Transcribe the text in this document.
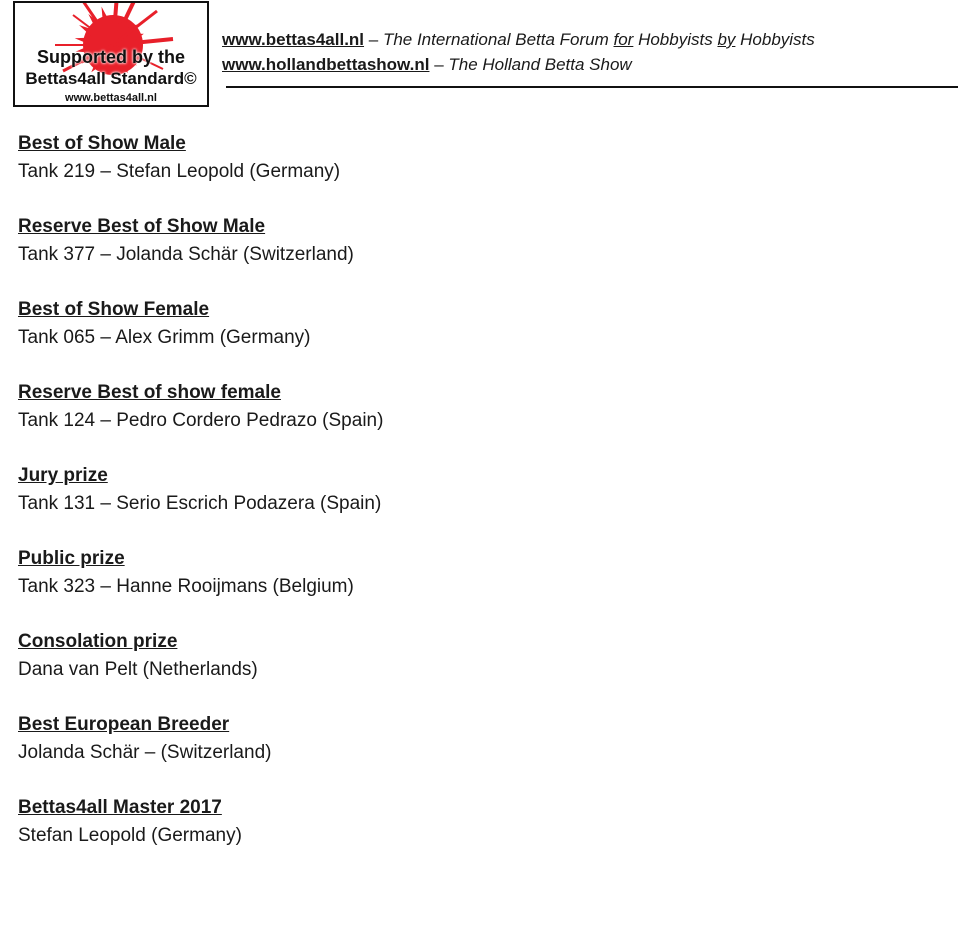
Supported by the
Bettas4all Standard©
www.bettas4all.nl
www.bettas4all.nl – The International Betta Forum for Hobbyists by Hobbyists
www.hollandbettashow.nl – The Holland Betta Show
Best of Show Male
Tank 219 – Stefan Leopold (Germany)
Reserve Best of Show Male
Tank 377 – Jolanda Schär (Switzerland)
Best of Show Female
Tank 065 – Alex Grimm (Germany)
Reserve Best of show female
Tank 124 – Pedro Cordero Pedrazo (Spain)
Jury prize
Tank 131 – Serio Escrich Podazera (Spain)
Public prize
Tank 323 – Hanne Rooijmans (Belgium)
Consolation prize
Dana van Pelt (Netherlands)
Best European Breeder
Jolanda Schär – (Switzerland)
Bettas4all Master 2017
Stefan Leopold (Germany)
